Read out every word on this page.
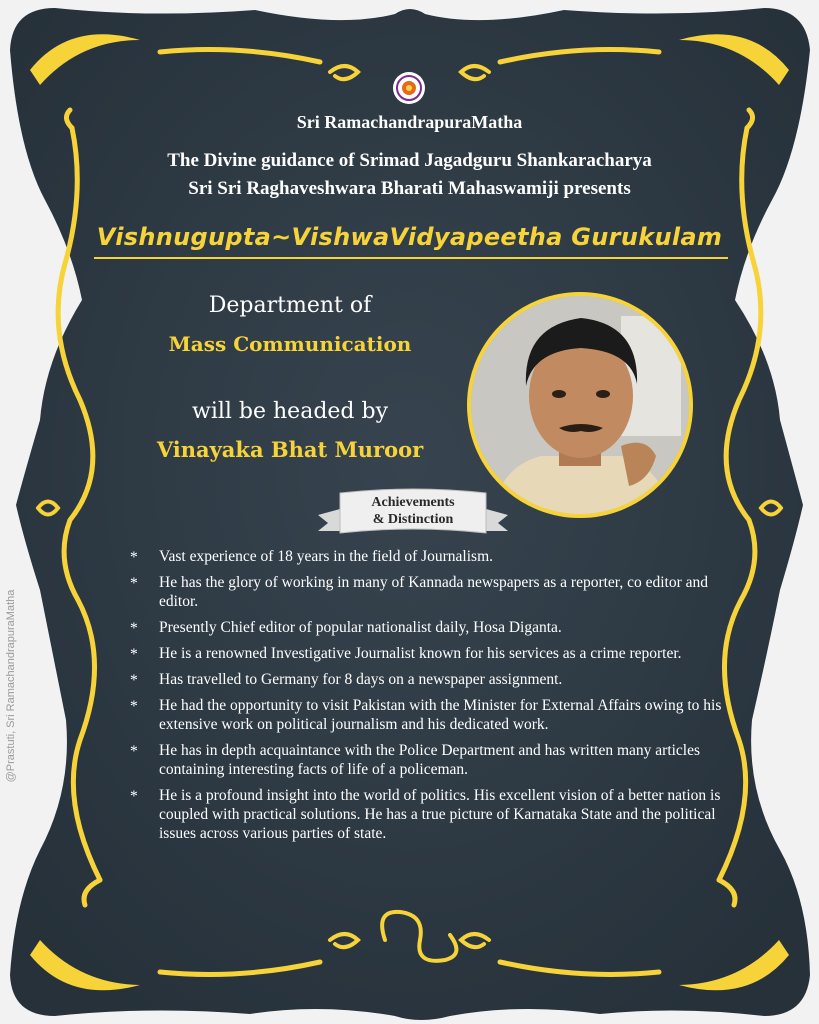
Sri RamachandrapuraMatha
The Divine guidance of Srimad Jagadguru Shankaracharya
Sri Sri Raghaveshwara Bharati Mahaswamiji presents
Vishnugupta~VishwaVidyapeetha Gurukulam
Department of
Mass Communication
will be headed by
Vinayaka Bhat Muroor
Achievements
& Distinction
* Vast experience of 18 years in the field of Journalism.
* He has the glory of working in many of Kannada newspapers as a reporter, co editor and editor.
* Presently Chief editor of popular nationalist daily, Hosa Diganta.
* He is a renowned Investigative Journalist known for his services as a crime reporter.
* Has travelled to Germany for 8 days on a newspaper assignment.
* He had the opportunity to visit Pakistan with the Minister for External Affairs owing to his extensive work on political journalism and his dedicated work.
* He has in depth acquaintance with the Police Department and has written many articles containing interesting facts of life of a policeman.
* He is a profound insight into the world of politics. His excellent vision of a better nation is coupled with practical solutions. He has a true picture of Karnataka State and the political issues across various parties of state.
@Prastuti, Sri RamachandrapuraMatha
